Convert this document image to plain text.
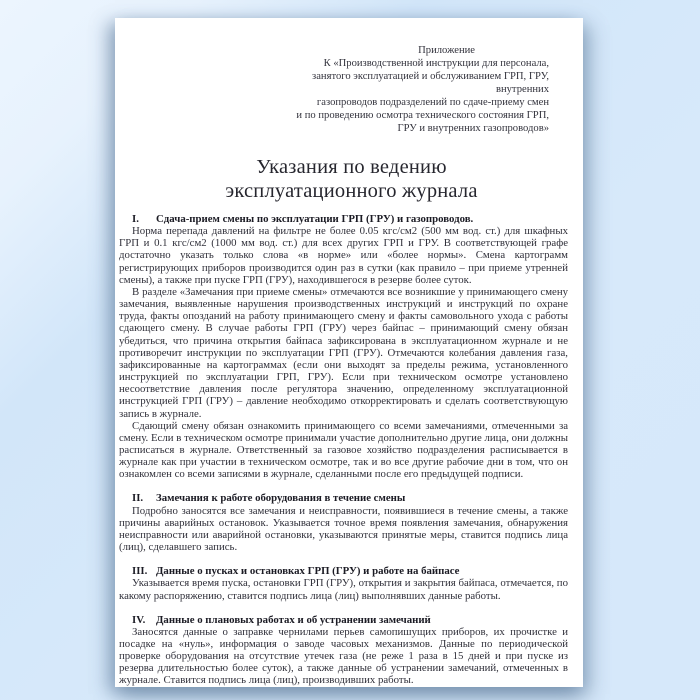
Приложение
К «Производственной инструкции для персонала,
занятого эксплуатацией и обслуживанием ГРП, ГРУ, внутренних
газопроводов подразделений по сдаче-приему смен
и по проведению осмотра технического состояния ГРП,
ГРУ и внутренних газопроводов»
Указания по ведению
эксплуатационного журнала
I. Сдача-прием смены по эксплуатации ГРП (ГРУ) и газопроводов.
Норма перепада давлений на фильтре не более 0.05 кгс/см2 (500 мм вод. ст.) для шкафных ГРП и 0.1 кгс/см2 (1000 мм вод. ст.) для всех других ГРП и ГРУ. В соответствующей графе достаточно указать только слова «в норме» или «более нормы». Смена картограмм регистрирующих приборов производится один раз в сутки (как правило – при приеме утренней смены), а также при пуске ГРП (ГРУ), находившегося в резерве более суток.
В разделе «Замечания при приеме смены» отмечаются все возникшие у принимающего смену замечания, выявленные нарушения производственных инструкций и инструкций по охране труда, факты опозданий на работу принимающего смену и факты самовольного ухода с работы сдающего смену. В случае работы ГРП (ГРУ) через байпас – принимающий смену обязан убедиться, что причина открытия байпаса зафиксирована в эксплуатационном журнале и не противоречит инструкции по эксплуатации ГРП (ГРУ). Отмечаются колебания давления газа, зафиксированные на картограммах (если они выходят за пределы режима, установленного инструкцией по эксплуатации ГРП, ГРУ). Если при техническом осмотре установлено несоответствие давления после регулятора значению, определенному эксплуатационной инструкцией ГРП (ГРУ) – давление необходимо откорректировать и сделать соответствующую запись в журнале.
Сдающий смену обязан ознакомить принимающего со всеми замечаниями, отмеченными за смену. Если в техническом осмотре принимали участие дополнительно другие лица, они должны расписаться в журнале. Ответственный за газовое хозяйство подразделения расписывается в журнале как при участии в техническом осмотре, так и во все другие рабочие дни в том, что он ознакомлен со всеми записями в журнале, сделанными после его предыдущей подписи.
II. Замечания к работе оборудования в течение смены
Подробно заносятся все замечания и неисправности, появившиеся в течение смены, а также причины аварийных остановок. Указывается точное время появления замечания, обнаружения неисправности или аварийной остановки, указываются принятые меры, ставится подпись лица (лиц), сделавшего запись.
III. Данные о пусках и остановках ГРП (ГРУ) и работе на байпасе
Указывается время пуска, остановки ГРП (ГРУ), открытия и закрытия байпаса, отмечается, по какому распоряжению, ставится подпись лица (лиц) выполнявших данные работы.
IV. Данные о плановых работах и об устранении замечаний
Заносятся данные о заправке чернилами перьев самопишущих приборов, их прочистке и посадке на «нуль», информация о заводе часовых механизмов. Данные по периодической проверке оборудования на отсутствие утечек газа (не реже 1 раза в 15 дней и при пуске из резерва длительностью более суток), а также данные об устранении замечаний, отмеченных в журнале. Ставится подпись лица (лиц), производивших работы.
